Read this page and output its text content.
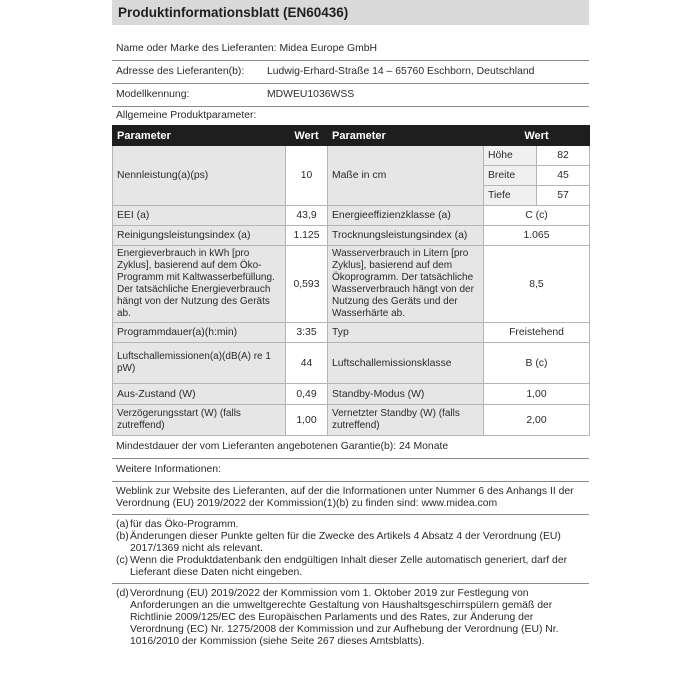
Produktinformationsblatt (EN60436)
Name oder Marke des Lieferanten: Midea Europe GmbH
Adresse des Lieferanten(b): Ludwig-Erhard-Straße 14 – 65760 Eschborn, Deutschland
Modellkennung:	MDWEU1036WSS
Allgemeine Produktparameter:
Parameter	Wert	Parameter	Wert	
Nennleistung(a)(ps)	10	Maße in cm	Höhe	82
			Breite	45
			Tiefe	57
EEI (a)	43,9	Energieeffizienzklasse (a)	C (c)	
Reinigungsleistungsindex (a)	1.125	Trocknungsleistungsindex (a)	1.065	
Energieverbrauch in kWh [pro Zyklus], basierend auf dem Öko-Programm mit Kaltwasserbefüllung. Der tatsächliche Energieverbrauch hängt von der Nutzung des Geräts ab.	0,593	Wasserverbrauch in Litern [pro Zyklus], basierend auf dem Ökoprogramm. Der tatsächliche Wasserverbrauch hängt von der Nutzung des Geräts und der Wasserhärte ab.	8,5	
Programmdauer(a)(h:min)	3:35	Typ	Freistehend	
Luftschallemissionen(a)(dB(A) re 1 pW)	44	Luftschallemissionsklasse	B (c)	
Aus-Zustand (W)	0,49	Standby-Modus (W)	1,00	
Verzögerungsstart (W) (falls zutreffend)	1,00	Vernetzter Standby (W) (falls zutreffend)	2,00	
Mindestdauer der vom Lieferanten angebotenen Garantie(b): 24 Monate
Weitere Informationen:
Weblink zur Website des Lieferanten, auf der die Informationen unter Nummer 6 des Anhangs II der Verordnung (EU) 2019/2022 der Kommission(1)(b) zu finden sind: www.midea.com
(a) für das Öko-Programm.
(b) Änderungen dieser Punkte gelten für die Zwecke des Artikels 4 Absatz 4 der Verordnung (EU) 2017/1369 nicht als relevant.
(c) Wenn die Produktdatenbank den endgültigen Inhalt dieser Zelle automatisch generiert, darf der Lieferant diese Daten nicht eingeben.
(d) Verordnung (EU) 2019/2022 der Kommission vom 1. Oktober 2019 zur Festlegung von Anforderungen an die umweltgerechte Gestaltung von Haushaltsgeschirrspülern gemäß der Richtlinie 2009/125/EC des Europäischen Parlaments und des Rates, zur Änderung der Verordnung (EC) Nr. 1275/2008 der Kommission und zur Aufhebung der Verordnung (EU) Nr. 1016/2010 der Kommission (siehe Seite 267 dieses Amtsblatts).
